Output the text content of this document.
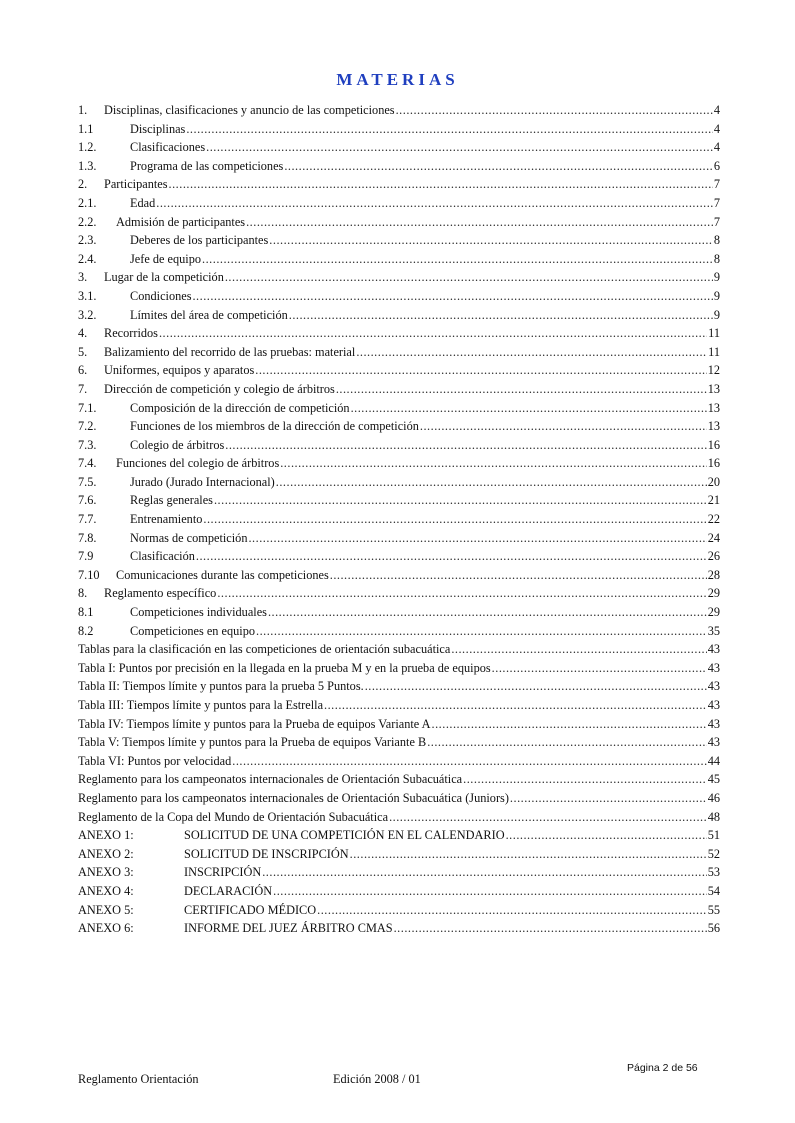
MATERIAS
1. Disciplinas, clasificaciones y anuncio de las competiciones .....	4
1.1	Disciplinas .....	4
1.2.	Clasificaciones .....	4
1.3.	Programa de las competiciones .....	6
2. Participantes .....	7
2.1.	Edad .....	7
2.2. Admisión de participantes .....	7
2.3.	Deberes de los participantes .....	8
2.4.	Jefe de equipo .....	8
3. Lugar de la competición .....	9
3.1.	Condiciones .....	9
3.2.	Límites del área de competición .....	9
4. Recorridos .....	11
5. Balizamiento del recorrido de las pruebas: material .....	11
6. Uniformes, equipos y aparatos .....	12
7. Dirección de competición y colegio de árbitros .....	13
7.1.	Composición de la dirección de competición .....	13
7.2.	Funciones de los miembros de la dirección de competición .....	13
7.3.	Colegio de árbitros .....	16
7.4. Funciones del colegio de árbitros .....	16
7.5.	Jurado (Jurado Internacional) .....	20
7.6.	Reglas generales .....	21
7.7.	Entrenamiento .....	22
7.8.	Normas de competición .....	24
7.9	Clasificación .....	26
7.10 Comunicaciones durante las competiciones .....	28
8. Reglamento específico .....	29
8.1	Competiciones individuales .....	29
8.2	Competiciones en equipo .....	35
Tablas para la clasificación en las competiciones de orientación subacuática .....	43
Tabla I: Puntos por precisión en la llegada en la prueba M y en la prueba de equipos .....	43
Tabla II: Tiempos límite y puntos para la prueba 5 Puntos. .....	43
Tabla III: Tiempos límite y puntos para la Estrella .....	43
Tabla IV: Tiempos límite y puntos para la Prueba de equipos Variante A .....	43
Tabla V: Tiempos límite y puntos para la Prueba de equipos Variante B .....	43
Tabla VI: Puntos por velocidad .....	44
Reglamento para los campeonatos internacionales de Orientación Subacuática .....	45
Reglamento para los campeonatos internacionales de Orientación Subacuática (Juniors) .....	46
Reglamento de la Copa del Mundo de Orientación Subacuática .....	48
ANEXO 1:	SOLICITUD DE UNA COMPETICIÓN EN EL CALENDARIO .....	51
ANEXO 2:	SOLICITUD DE INSCRIPCIÓN .....	52
ANEXO 3:	INSCRIPCIÓN .....	53
ANEXO 4:	DECLARACIÓN .....	54
ANEXO 5:	CERTIFICADO MÉDICO .....	55
ANEXO 6:	INFORME DEL JUEZ ÁRBITRO CMAS .....	56
Página 2 de 56
Reglamento Orientación	Edición 2008 / 01
